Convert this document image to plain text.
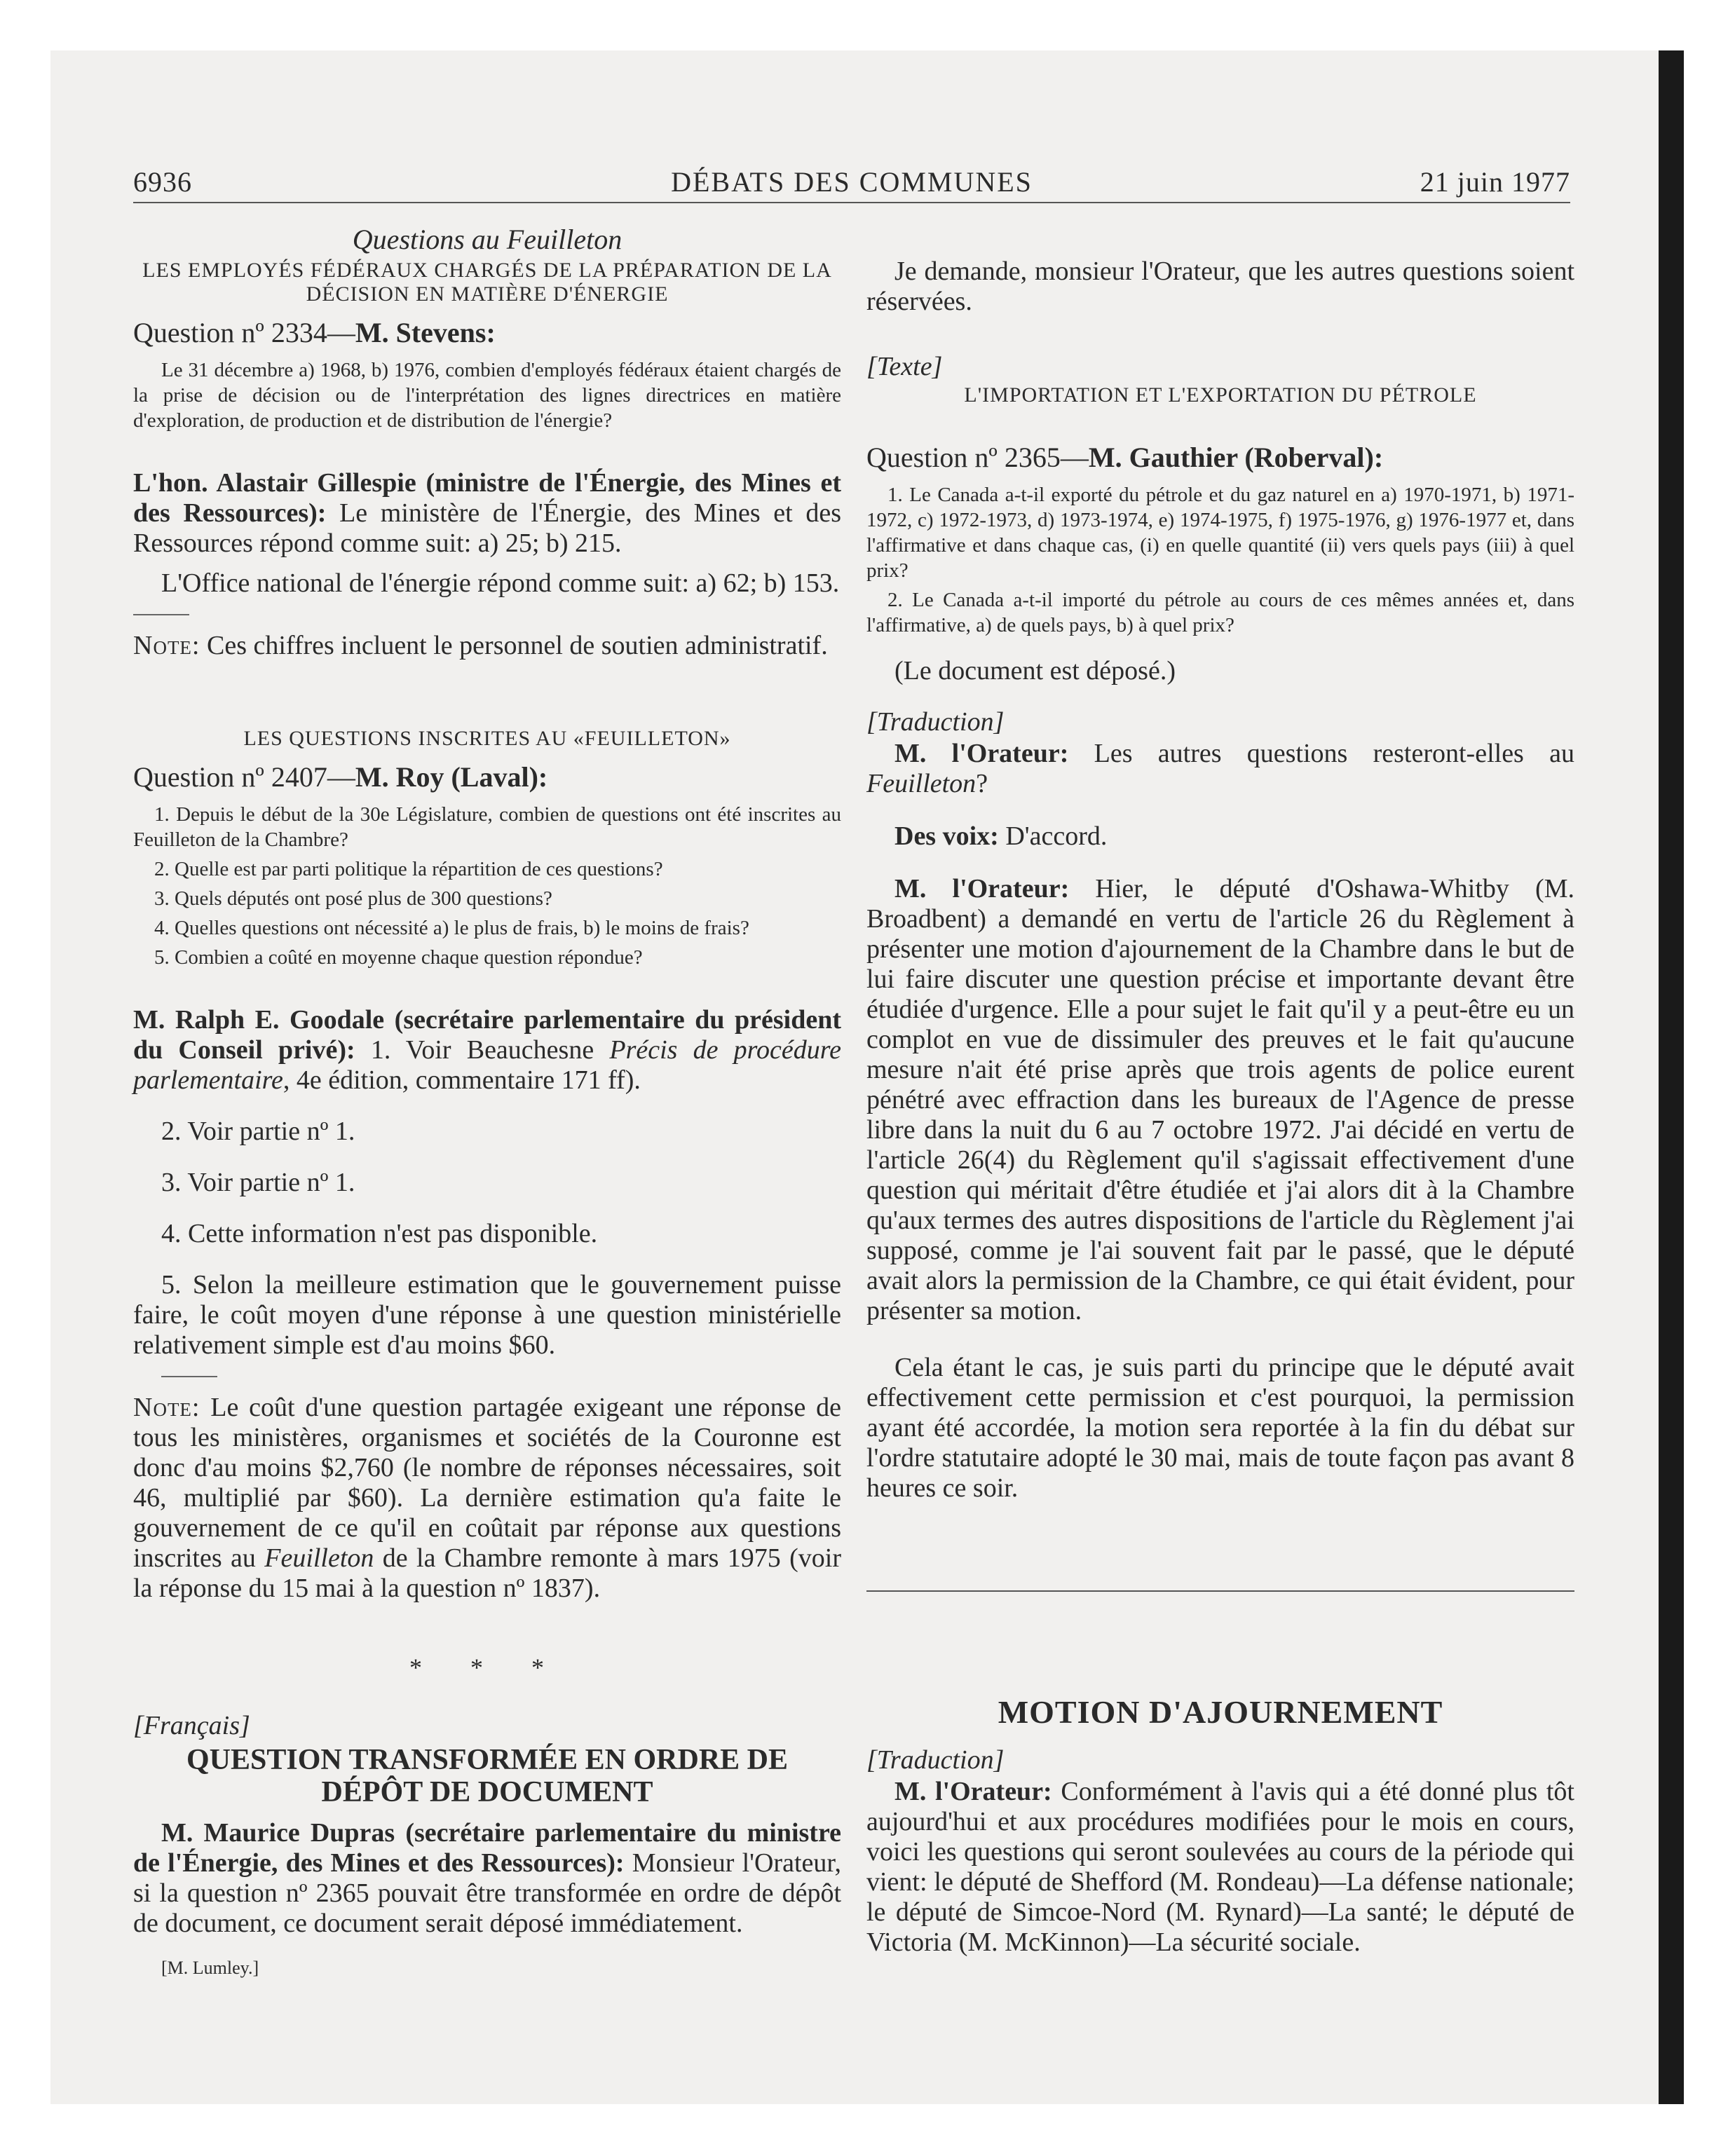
6936	DÉBATS DES COMMUNES	21 juin 1977

Questions au Feuilleton

LES EMPLOYÉS FÉDÉRAUX CHARGÉS DE LA PRÉPARATION DE LA DÉCISION EN MATIÈRE D'ÉNERGIE

Question nº 2334—M. Stevens:

Le 31 décembre a) 1968, b) 1976, combien d'employés fédéraux étaient chargés de la prise de décision ou de l'interprétation des lignes directrices en matière d'exploration, de production et de distribution de l'énergie?

L'hon. Alastair Gillespie (ministre de l'Énergie, des Mines et des Ressources): Le ministère de l'Énergie, des Mines et des Ressources répond comme suit: a) 25; b) 215.

L'Office national de l'énergie répond comme suit: a) 62; b) 153.

Note: Ces chiffres incluent le personnel de soutien administratif.

LES QUESTIONS INSCRITES AU «FEUILLETON»

Question nº 2407—M. Roy (Laval):

1. Depuis le début de la 30e Législature, combien de questions ont été inscrites au Feuilleton de la Chambre?

2. Quelle est par parti politique la répartition de ces questions?

3. Quels députés ont posé plus de 300 questions?

4. Quelles questions ont nécessité a) le plus de frais, b) le moins de frais?

5. Combien a coûté en moyenne chaque question répondue?

M. Ralph E. Goodale (secrétaire parlementaire du président du Conseil privé): 1. Voir Beauchesne Précis de procédure parlementaire, 4e édition, commentaire 171 ff).

2. Voir partie nº 1.

3. Voir partie nº 1.

4. Cette information n'est pas disponible.

5. Selon la meilleure estimation que le gouvernement puisse faire, le coût moyen d'une réponse à une question ministérielle relativement simple est d'au moins $60.

Note: Le coût d'une question partagée exigeant une réponse de tous les ministères, organismes et sociétés de la Couronne est donc d'au moins $2,760 (le nombre de réponses nécessaires, soit 46, multiplié par $60). La dernière estimation qu'a faite le gouvernement de ce qu'il en coûtait par réponse aux questions inscrites au Feuilleton de la Chambre remonte à mars 1975 (voir la réponse du 15 mai à la question nº 1837).

* * *

[Français]

QUESTION TRANSFORMÉE EN ORDRE DE DÉPÔT DE DOCUMENT

M. Maurice Dupras (secrétaire parlementaire du ministre de l'Énergie, des Mines et des Ressources): Monsieur l'Orateur, si la question nº 2365 pouvait être transformée en ordre de dépôt de document, ce document serait déposé immédiatement.

[M. Lumley.]

Je demande, monsieur l'Orateur, que les autres questions soient réservées.

[Texte]

L'IMPORTATION ET L'EXPORTATION DU PÉTROLE

Question nº 2365—M. Gauthier (Roberval):

1. Le Canada a-t-il exporté du pétrole et du gaz naturel en a) 1970-1971, b) 1971-1972, c) 1972-1973, d) 1973-1974, e) 1974-1975, f) 1975-1976, g) 1976-1977 et, dans l'affirmative et dans chaque cas, (i) en quelle quantité (ii) vers quels pays (iii) à quel prix?

2. Le Canada a-t-il importé du pétrole au cours de ces mêmes années et, dans l'affirmative, a) de quels pays, b) à quel prix?

(Le document est déposé.)

[Traduction]

M. l'Orateur: Les autres questions resteront-elles au Feuilleton?

Des voix: D'accord.

M. l'Orateur: Hier, le député d'Oshawa-Whitby (M. Broadbent) a demandé en vertu de l'article 26 du Règlement à présenter une motion d'ajournement de la Chambre dans le but de lui faire discuter une question précise et importante devant être étudiée d'urgence. Elle a pour sujet le fait qu'il y a peut-être eu un complot en vue de dissimuler des preuves et le fait qu'aucune mesure n'ait été prise après que trois agents de police eurent pénétré avec effraction dans les bureaux de l'Agence de presse libre dans la nuit du 6 au 7 octobre 1972. J'ai décidé en vertu de l'article 26(4) du Règlement qu'il s'agissait effectivement d'une question qui méritait d'être étudiée et j'ai alors dit à la Chambre qu'aux termes des autres dispositions de l'article du Règlement j'ai supposé, comme je l'ai souvent fait par le passé, que le député avait alors la permission de la Chambre, ce qui était évident, pour présenter sa motion.

Cela étant le cas, je suis parti du principe que le député avait effectivement cette permission et c'est pourquoi, la permission ayant été accordée, la motion sera reportée à la fin du débat sur l'ordre statutaire adopté le 30 mai, mais de toute façon pas avant 8 heures ce soir.

MOTION D'AJOURNEMENT

[Traduction]

M. l'Orateur: Conformément à l'avis qui a été donné plus tôt aujourd'hui et aux procédures modifiées pour le mois en cours, voici les questions qui seront soulevées au cours de la période qui vient: le député de Shefford (M. Rondeau)—La défense nationale; le député de Simcoe-Nord (M. Rynard)—La santé; le député de Victoria (M. McKinnon)—La sécurité sociale.
